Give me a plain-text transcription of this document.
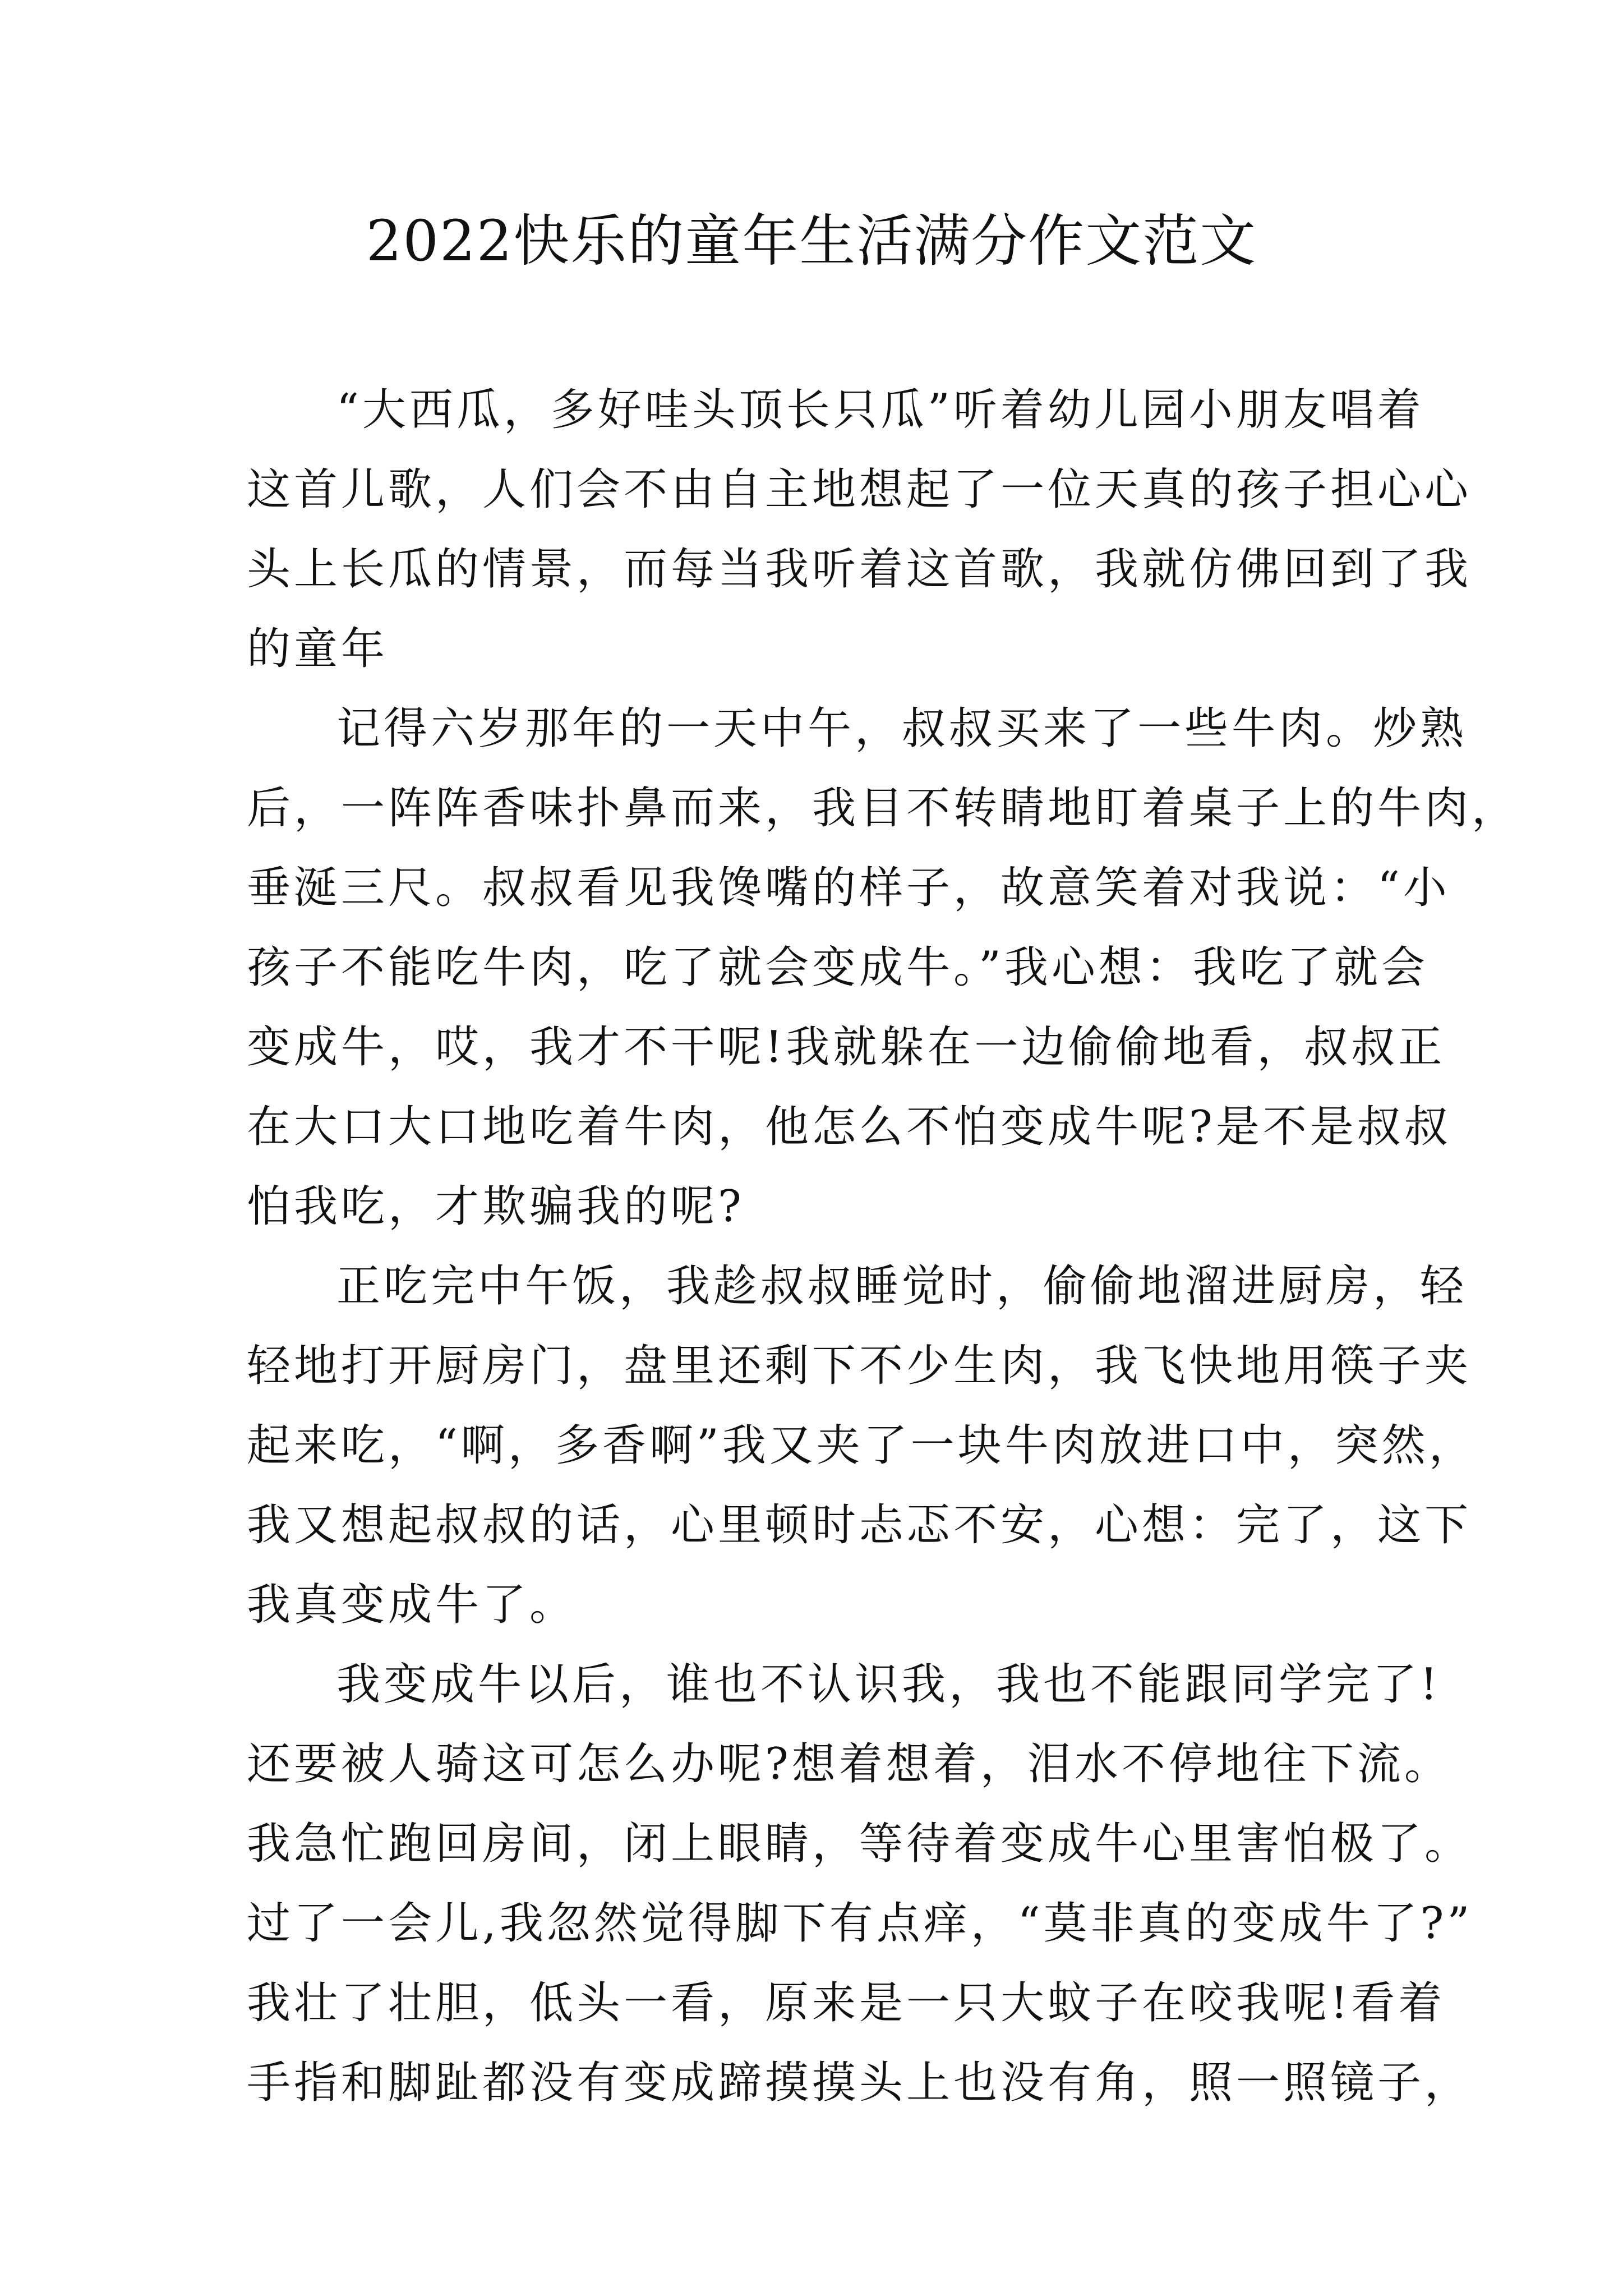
2022快乐的童年生活满分作文范文
“大西瓜，多好哇头顶长只瓜”听着幼儿园小朋友唱着
这首儿歌，人们会不由自主地想起了一位天真的孩子担心心
头上长瓜的情景，而每当我听着这首歌，我就仿佛回到了我
的童年
记得六岁那年的一天中午，叔叔买来了一些牛肉。炒熟
后，一阵阵香味扑鼻而来，我目不转睛地盯着桌子上的牛肉，
垂涎三尺。叔叔看见我馋嘴的样子，故意笑着对我说：“小
孩子不能吃牛肉，吃了就会变成牛。”我心想：我吃了就会
变成牛，哎，我才不干呢!我就躲在一边偷偷地看，叔叔正
在大口大口地吃着牛肉，他怎么不怕变成牛呢?是不是叔叔
怕我吃，才欺骗我的呢?
正吃完中午饭，我趁叔叔睡觉时，偷偷地溜进厨房，轻
轻地打开厨房门，盘里还剩下不少生肉，我飞快地用筷子夹
起来吃，“啊，多香啊”我又夹了一块牛肉放进口中，突然，
我又想起叔叔的话，心里顿时忐忑不安，心想：完了，这下
我真变成牛了。
我变成牛以后，谁也不认识我，我也不能跟同学完了!
还要被人骑这可怎么办呢?想着想着，泪水不停地往下流。
我急忙跑回房间，闭上眼睛，等待着变成牛心里害怕极了。
过了一会儿,我忽然觉得脚下有点痒，“莫非真的变成牛了?”
我壮了壮胆，低头一看，原来是一只大蚊子在咬我呢!看着
手指和脚趾都没有变成蹄摸摸头上也没有角，照一照镜子，
